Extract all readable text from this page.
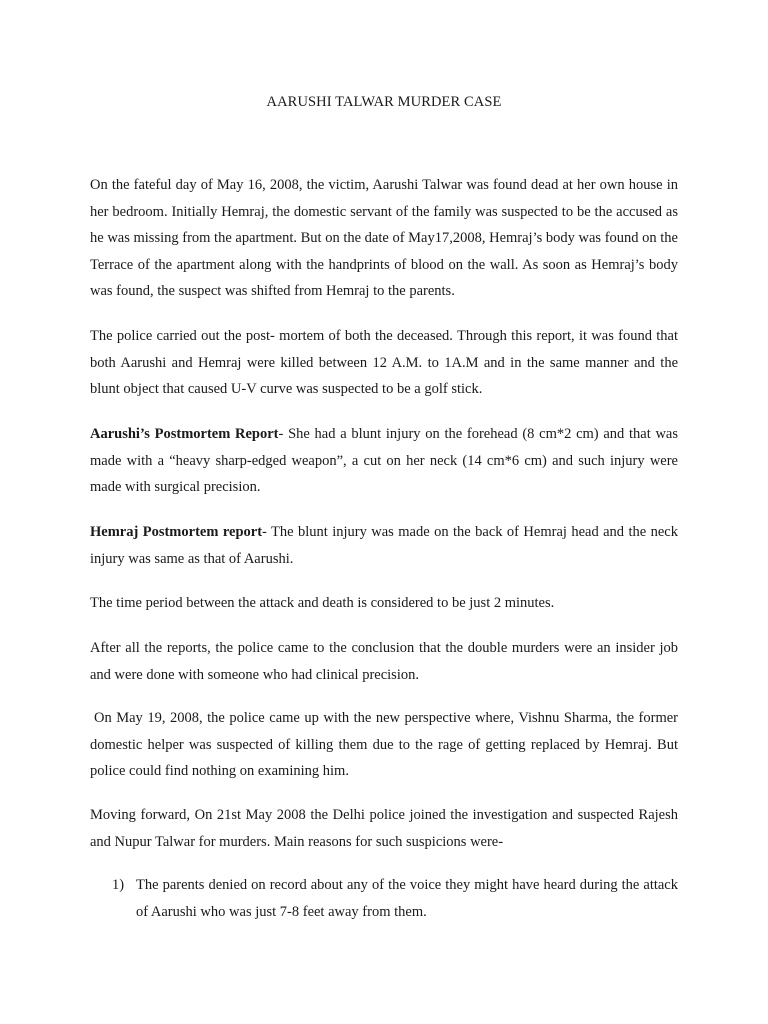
AARUSHI TALWAR MURDER CASE
On the fateful day of May 16, 2008, the victim, Aarushi Talwar was found dead at her own house in her bedroom. Initially Hemraj, the domestic servant of the family was suspected to be the accused as he was missing from the apartment. But on the date of May17,2008, Hemraj’s body was found on the Terrace of the apartment along with the handprints of blood on the wall. As soon as Hemraj’s body was found, the suspect was shifted from Hemraj to the parents.
The police carried out the post- mortem of both the deceased. Through this report, it was found that both Aarushi and Hemraj were killed between 12 A.M. to 1A.M and in the same manner and the blunt object that caused U-V curve was suspected to be a golf stick.
Aarushi’s Postmortem Report- She had a blunt injury on the forehead (8 cm*2 cm) and that was made with a “heavy sharp-edged weapon”, a cut on her neck (14 cm*6 cm) and such injury were made with surgical precision.
Hemraj Postmortem report- The blunt injury was made on the back of Hemraj head and the neck injury was same as that of Aarushi.
The time period between the attack and death is considered to be just 2 minutes.
After all the reports, the police came to the conclusion that the double murders were an insider job and were done with someone who had clinical precision.
On May 19, 2008, the police came up with the new perspective where, Vishnu Sharma, the former domestic helper was suspected of killing them due to the rage of getting replaced by Hemraj. But police could find nothing on examining him.
Moving forward, On 21st May 2008 the Delhi police joined the investigation and suspected Rajesh and Nupur Talwar for murders. Main reasons for such suspicions were-
1) The parents denied on record about any of the voice they might have heard during the attack of Aarushi who was just 7-8 feet away from them.
